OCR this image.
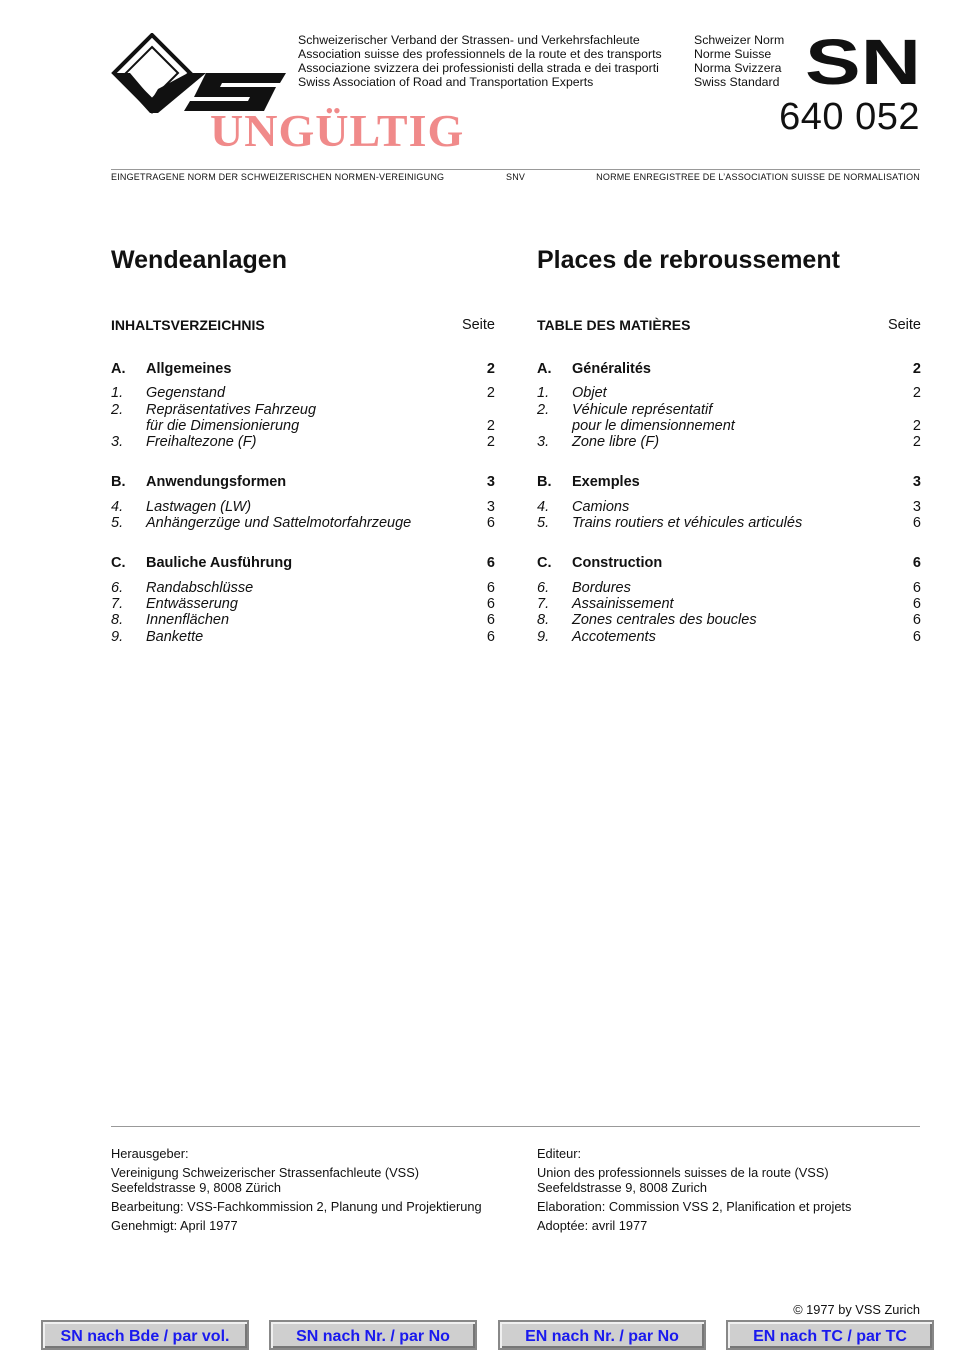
Schweizerischer Verband der Strassen- und Verkehrsfachleute
Association suisse des professionnels de la route et des transports
Associazione svizzera dei professionisti della strada e dei trasporti
Swiss Association of Road and Transportation Experts
Schweizer Norm
Norme Suisse
Norma Svizzera
Swiss Standard SN
640 052
UNGÜLTIG
EINGETRAGENE NORM DER SCHWEIZERISCHEN NORMEN-VEREINIGUNG	SNV	NORME ENREGISTREE DE L’ASSOCIATION SUISSE DE NORMALISATION
Wendeanlagen	Places de rebroussement
INHALTSVERZEICHNIS	Seite
A.	Allgemeines	2
1.	Gegenstand	2
2.	Repräsentatives Fahrzeug
für die Dimensionierung	2
3.	Freihaltezone (F)	2
B.	Anwendungsformen	3
4.	Lastwagen (LW)	3
5.	Anhängerzüge und Sattelmotorfahrzeuge	6
C.	Bauliche Ausführung	6
6.	Randabschlüsse	6
7.	Entwässerung	6
8.	Innenflächen	6
9.	Bankette	6
TABLE DES MATIÈRES	Seite
A.	Généralités	2
1.	Objet	2
2.	Véhicule représentatif
pour le dimensionnement	2
3.	Zone libre (F)	2
B.	Exemples	3
4.	Camions	3
5.	Trains routiers et véhicules articulés	6
C.	Construction	6
6.	Bordures	6
7.	Assainissement	6
8.	Zones centrales des boucles	6
9.	Accotements	6

Herausgeber:

Vereinigung Schweizerischer Strassenfachleute (VSS)

Seefeldstrasse 9, 8008 Zürich

Bearbeitung: VSS-Fachkommission 2, Planung und Projektierung

Genehmigt: April 1977

Editeur:

Union des professionnels suisses de la route (VSS)

Seefeldstrasse 9, 8008 Zurich

Elaboration: Commission VSS 2, Planification et projets

Adoptée: avril 1977

© 1977 by VSS Zurich
SN nach Bde / par vol.	SN nach Nr. / par No	EN nach Nr. / par No	EN nach TC / par TC
